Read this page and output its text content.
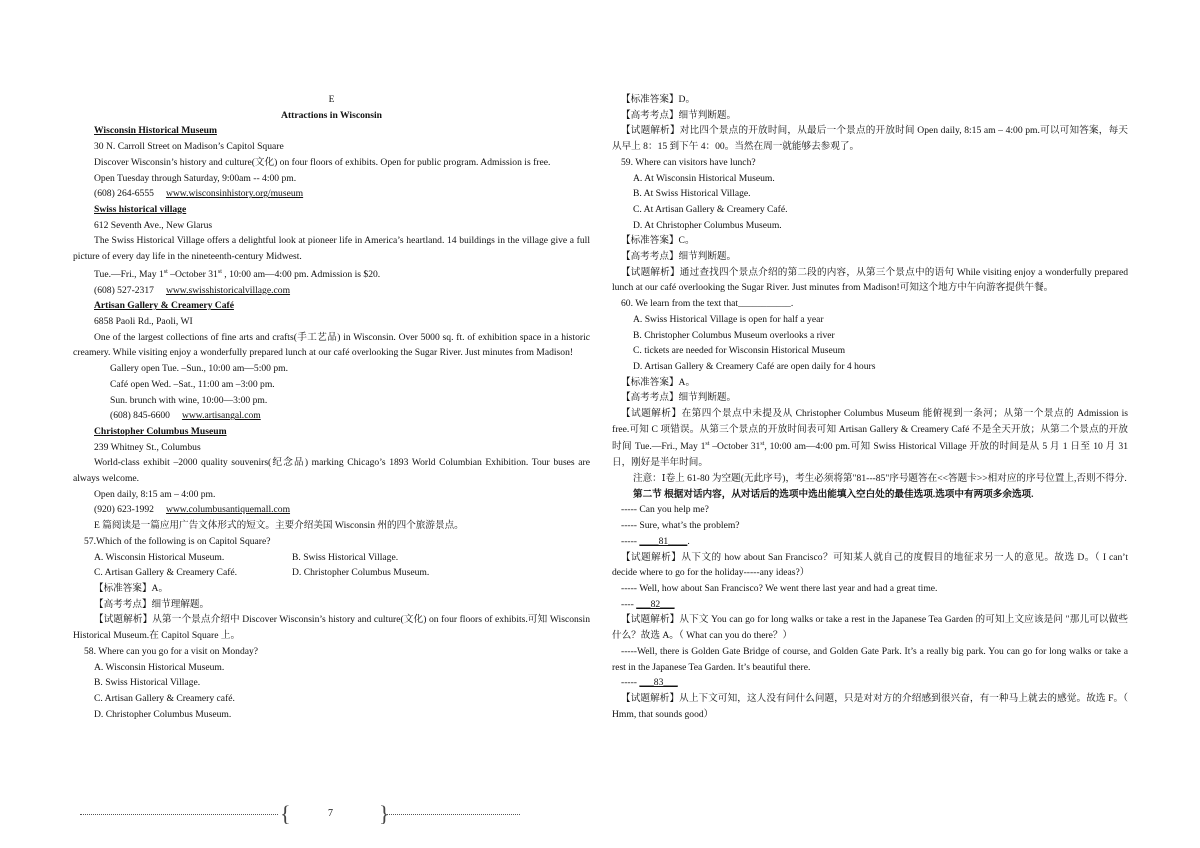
E

Attractions in Wisconsin

Wisconsin Historical Museum

30 N. Carroll Street on Madison’s Capitol Square

Discover Wisconsin’s history and culture(文化) on four floors of exhibits. Open for public program. Admission is free.

Open Tuesday through Saturday, 9:00am -- 4:00 pm.

(608) 264-6555 www.wisconsinhistory.org/museum

Swiss historical village

612 Seventh Ave., New Glarus

The Swiss Historical Village offers a delightful look at pioneer life in America’s heartland. 14 buildings in the village give a full picture of every day life in the nineteenth-century Midwest.

Tue.—Fri., May 1st –October 31st , 10:00 am—4:00 pm. Admission is $20.

(608) 527-2317 www.swisshistoricalvillage.com

Artisan Gallery & Creamery Café

6858 Paoli Rd., Paoli, WI

One of the largest collections of fine arts and crafts(手工艺品) in Wisconsin. Over 5000 sq. ft. of exhibition space in a historic creamery. While visiting enjoy a wonderfully prepared lunch at our café overlooking the Sugar River. Just minutes from Madison!

Gallery open Tue. –Sun., 10:00 am—5:00 pm.

Café open Wed. –Sat., 11:00 am –3:00 pm.

Sun. brunch with wine, 10:00—3:00 pm.

(608) 845-6600 www.artisangal.com

Christopher Columbus Museum

239 Whitney St., Columbus

World-class exhibit –2000 quality souvenirs(纪念品) marking Chicago’s 1893 World Columbian Exhibition. Tour buses are always welcome.

Open daily, 8:15 am – 4:00 pm.

(920) 623-1992 www.columbusantiquemall.com

E 篇阅读是一篇应用广告文体形式的短文。主要介绍美国 Wisconsin 州的四个旅游景点。

57.Which of the following is on Capitol Square?

A. Wisconsin Historical Museum.	B. Swiss Historical Village.

C. Artisan Gallery & Creamery Café.	D. Christopher Columbus Museum.

【标准答案】A。

【高考考点】细节理解题。

【试题解析】从第一个景点介绍中 Discover Wisconsin’s history and culture(文化) on four floors of exhibits.可知 Wisconsin Historical Museum.在 Capitol Square 上。

58. Where can you go for a visit on Monday?

A. Wisconsin Historical Museum.

B. Swiss Historical Village.

C. Artisan Gallery & Creamery café.

D. Christopher Columbus Museum.

【标准答案】D。

【高考考点】细节判断题。

【试题解析】对比四个景点的开放时间，从最后一个景点的开放时间 Open daily, 8:15 am – 4:00 pm.可以可知答案，每天从早上 8：15 到下午 4：00。当然在周一就能够去参观了。

59. Where can visitors have lunch?

A. At Wisconsin Historical Museum.

B. At Swiss Historical Village.

C. At Artisan Gallery & Creamery Café.

D. At Christopher Columbus Museum.

【标准答案】C。

【高考考点】细节判断题。

【试题解析】通过查找四个景点介绍的第二段的内容，从第三个景点中的语句 While visiting enjoy a wonderfully prepared lunch at our café overlooking the Sugar River. Just minutes from Madison!可知这个地方中午向游客提供午餐。

60. We learn from the text that___________.

A. Swiss Historical Village is open for half a year

B. Christopher Columbus Museum overlooks a river

C. tickets are needed for Wisconsin Historical Museum

D. Artisan Gallery & Creamery Café are open daily for 4 hours

【标准答案】A。

【高考考点】细节判断题。

【试题解析】在第四个景点中未提及从 Christopher Columbus Museum 能俯视到一条河；从第一个景点的 Admission is free.可知 C 项错误。从第三个景点的开放时间表可知 Artisan Gallery & Creamery Café 不是全天开放；从第二个景点的开放时间 Tue.—Fri., May 1st –October 31st, 10:00 am—4:00 pm.可知 Swiss Historical Village 开放的时间是从 5 月 1 日至 10 月 31 日，刚好是半年时间。

注意：Ⅰ卷上 61-80 为空题(无此序号)，考生必须将第"81---85"序号题答在<<答题卡>>相对应的序号位置上,否则不得分.

第二节 根据对话内容，从对话后的选项中选出能填入空白处的最佳选项.选项中有两项多余选项.

----- Can you help me?

----- Sure, what’s the problem?

----- ____81____.

【试题解析】从下文的 how about San Francisco？可知某人就自己的度假目的地征求另一人的意见。故选 D。（ I can’t decide where to go for the holiday-----any ideas?）

----- Well, how about San Francisco? We went there last year and had a great time.

---- ___82___

【试题解析】从下文 You can go for long walks or take a rest in the Japanese Tea Garden 的可知上文应该是问 "那儿可以做些什么？故选 A。（ What can you do there？）

-----Well, there is Golden Gate Bridge of course, and Golden Gate Park. It’s a really big park. You can go for long walks or take a rest in the Japanese Tea Garden. It’s beautiful there.

----- ___83___

【试题解析】从上下文可知，这人没有问什么问题，只是对对方的介绍感到很兴奋，有一种马上就去的感觉。故选 F。（ Hmm, that sounds good）

{	7 }
